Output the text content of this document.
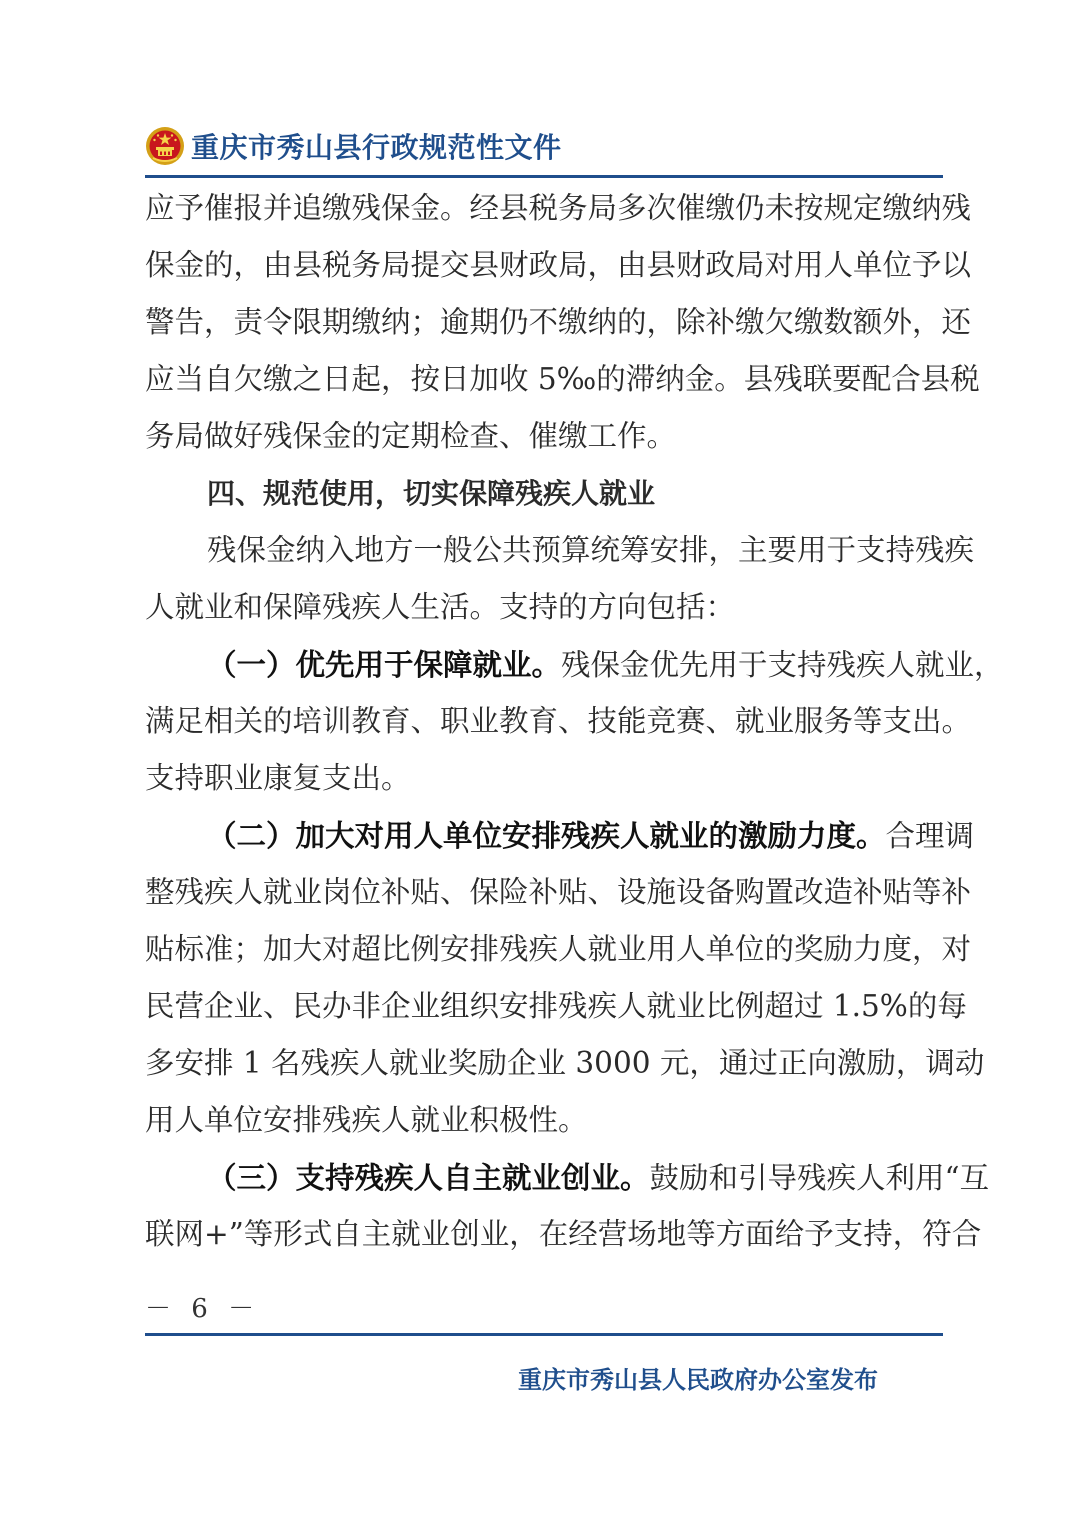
重庆市秀山县行政规范性文件
应予催报并追缴残保金。经县税务局多次催缴仍未按规定缴纳残
保金的，由县税务局提交县财政局，由县财政局对用人单位予以
警告，责令限期缴纳；逾期仍不缴纳的，除补缴欠缴数额外，还
应当自欠缴之日起，按日加收 5‰的滞纳金。县残联要配合县税
务局做好残保金的定期检查、催缴工作。
四、规范使用，切实保障残疾人就业
残保金纳入地方一般公共预算统筹安排，主要用于支持残疾
人就业和保障残疾人生活。支持的方向包括：
（一）优先用于保障就业。残保金优先用于支持残疾人就业，
满足相关的培训教育、职业教育、技能竞赛、就业服务等支出。
支持职业康复支出。
（二）加大对用人单位安排残疾人就业的激励力度。合理调
整残疾人就业岗位补贴、保险补贴、设施设备购置改造补贴等补
贴标准；加大对超比例安排残疾人就业用人单位的奖励力度，对
民营企业、民办非企业组织安排残疾人就业比例超过 1.5%的每
多安排 1 名残疾人就业奖励企业 3000 元，通过正向激励，调动
用人单位安排残疾人就业积极性。
（三）支持残疾人自主就业创业。鼓励和引导残疾人利用“互
联网+”等形式自主就业创业，在经营场地等方面给予支持，符合
－ 6 －
重庆市秀山县人民政府办公室发布
